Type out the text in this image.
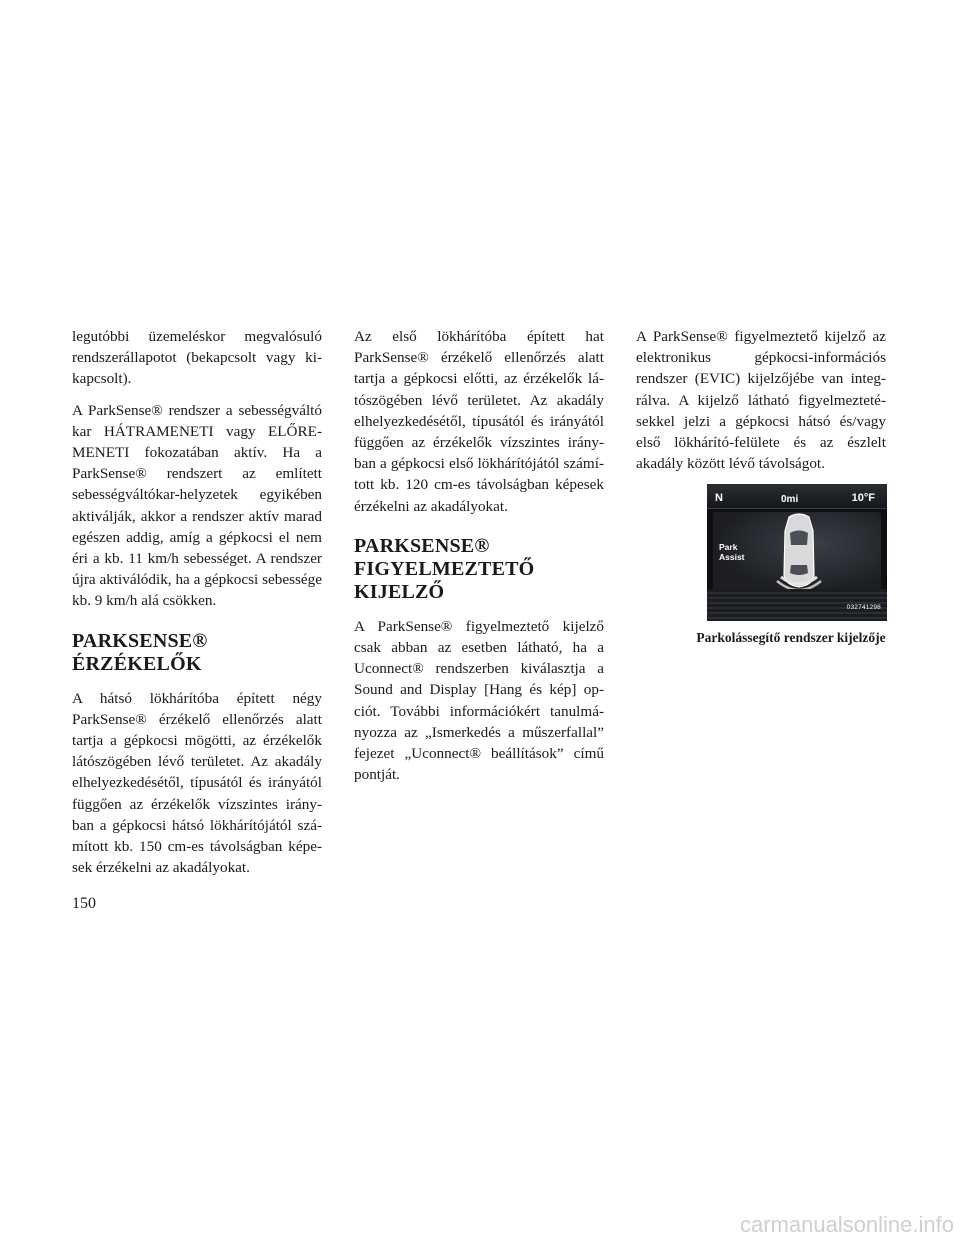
legutóbbi üzemeléskor megvalósuló rendszerállapotot (bekapcsolt vagy kikapcsolt).

A ParkSense® rendszer a sebességváltó kar HÁTRAMENETI vagy ELŐREMENETI fokozatában aktív. Ha a ParkSense® rendszert az említett sebességváltókar-helyzetek egyikében aktiválják, akkor a rendszer aktív marad egészen addig, amíg a gépkocsi el nem éri a kb. 11 km/h sebességet. A rendszer újra aktiválódik, ha a gépkocsi sebessége kb. 9 km/h alá csökken.

PARKSENSE®
ÉRZÉKELŐK

A hátsó lökhárítóba épített négy ParkSense® érzékelő ellenőrzés alatt tartja a gépkocsi mögötti, az érzékelők látószögében lévő területet. Az akadály elhelyezkedésétől, típusától és irányától függően az érzékelők vízszintes irányban a gépkocsi hátsó lökhárítójától számított kb. 150 cm-es távolságban képesek érzékelni az akadályokat.

Az első lökhárítóba épített hat ParkSense® érzékelő ellenőrzés alatt tartja a gépkocsi előtti, az érzékelők látószögében lévő területet. Az akadály elhelyezkedésétől, típusától és irányától függően az érzékelők vízszintes irányban a gépkocsi első lökhárítójától számított kb. 120 cm-es távolságban képesek érzékelni az akadályokat.

PARKSENSE®
FIGYELMEZTETŐ
KIJELZŐ

A ParkSense® figyelmeztető kijelző csak abban az esetben látható, ha a Uconnect® rendszerben kiválasztja a Sound and Display [Hang és kép] opciót. További információkért tanulmányozza az „Ismerkedés a műszerfallal” fejezet „Uconnect® beállítások” című pontját.

A ParkSense® figyelmeztető kijelző az elektronikus gépkocsi-információs rendszer (EVIC) kijelzőjébe van integrálva. A kijelző látható figyelmeztetésekkel jelzi a gépkocsi hátsó és/vagy első lökhárító-felülete és az észlelt akadály között lévő távolságot.

N	0mi	10°F
Park
Assist
032741298
Parkolássegítő rendszer kijelzője
150
carmanualsonline.info
